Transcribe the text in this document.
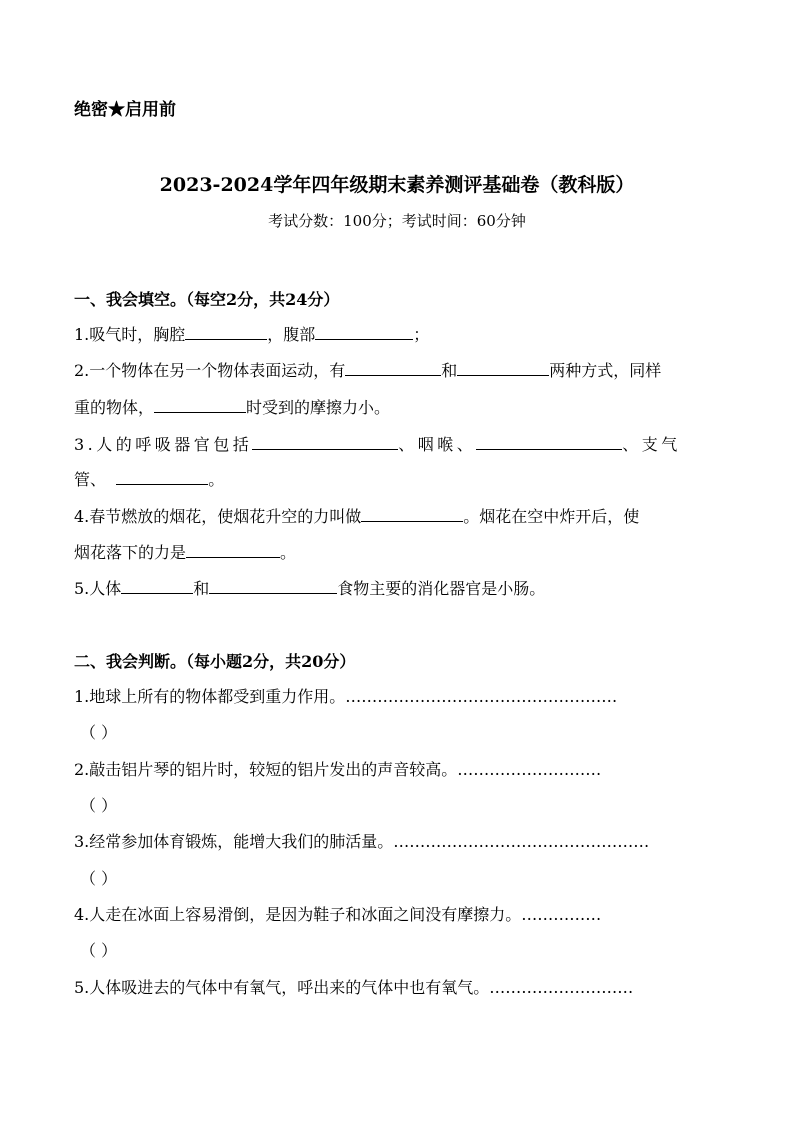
绝密★启用前
2023-2024学年四年级期末素养测评基础卷（教科版）
考试分数：100分；考试时间：60分钟
一、我会填空。（每空2分，共24分）
1.吸气时，胸腔	，腹部	；
2.一个物体在另一个物体表面运动，有	和	两种方式，同样
重的物体，	时受到的摩擦力小。
3.人的呼吸器官包括	、咽喉、	、支气
管、	。
4.春节燃放的烟花，使烟花升空的力叫做	。烟花在空中炸开后，使
烟花落下的力是	。
5.人体	和	食物主要的消化器官是小肠。
二、我会判断。（每小题2分，共20分）
1.地球上所有的物体都受到重力作用。……………………………………………
（ ）
2.敲击铝片琴的铝片时，较短的铝片发出的声音较高。………………………
（ ）
3.经常参加体育锻炼，能增大我们的肺活量。…………………………………………
（ ）
4.人走在冰面上容易滑倒，是因为鞋子和冰面之间没有摩擦力。……………
（ ）
5.人体吸进去的气体中有氧气，呼出来的气体中也有氧气。………………………
